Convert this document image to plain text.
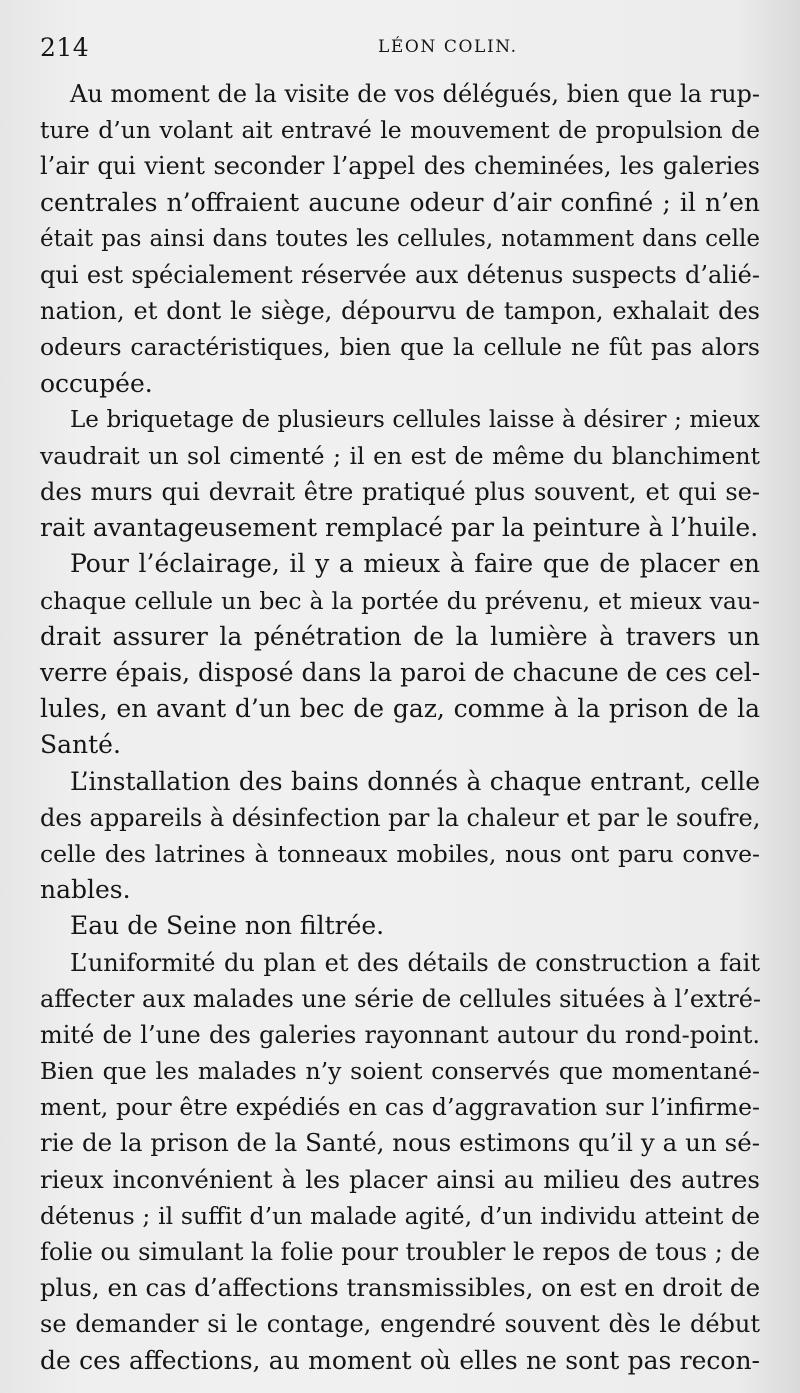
214	LÉON COLIN.
Au moment de la visite de vos délégués, bien que la rup-
ture d’un volant ait entravé le mouvement de propulsion de
l’air qui vient seconder l’appel des cheminées, les galeries
centrales n’offraient aucune odeur d’air confiné ; il n’en
était pas ainsi dans toutes les cellules, notamment dans celle
qui est spécialement réservée aux détenus suspects d’alié-
nation, et dont le siège, dépourvu de tampon, exhalait des
odeurs caractéristiques, bien que la cellule ne fût pas alors
occupée.
Le briquetage de plusieurs cellules laisse à désirer ; mieux
vaudrait un sol cimenté ; il en est de même du blanchiment
des murs qui devrait être pratiqué plus souvent, et qui se-
rait avantageusement remplacé par la peinture à l’huile.
Pour l’éclairage, il y a mieux à faire que de placer en
chaque cellule un bec à la portée du prévenu, et mieux vau-
drait assurer la pénétration de la lumière à travers un
verre épais, disposé dans la paroi de chacune de ces cel-
lules, en avant d’un bec de gaz, comme à la prison de la
Santé.
L’installation des bains donnés à chaque entrant, celle
des appareils à désinfection par la chaleur et par le soufre,
celle des latrines à tonneaux mobiles, nous ont paru conve-
nables.
Eau de Seine non filtrée.
L’uniformité du plan et des détails de construction a fait
affecter aux malades une série de cellules situées à l’extré-
mité de l’une des galeries rayonnant autour du rond-point.
Bien que les malades n’y soient conservés que momentané-
ment, pour être expédiés en cas d’aggravation sur l’infirme-
rie de la prison de la Santé, nous estimons qu’il y a un sé-
rieux inconvénient à les placer ainsi au milieu des autres
détenus ; il suffit d’un malade agité, d’un individu atteint de
folie ou simulant la folie pour troubler le repos de tous ; de
plus, en cas d’affections transmissibles, on est en droit de
se demander si le contage, engendré souvent dès le début
de ces affections, au moment où elles ne sont pas recon-
